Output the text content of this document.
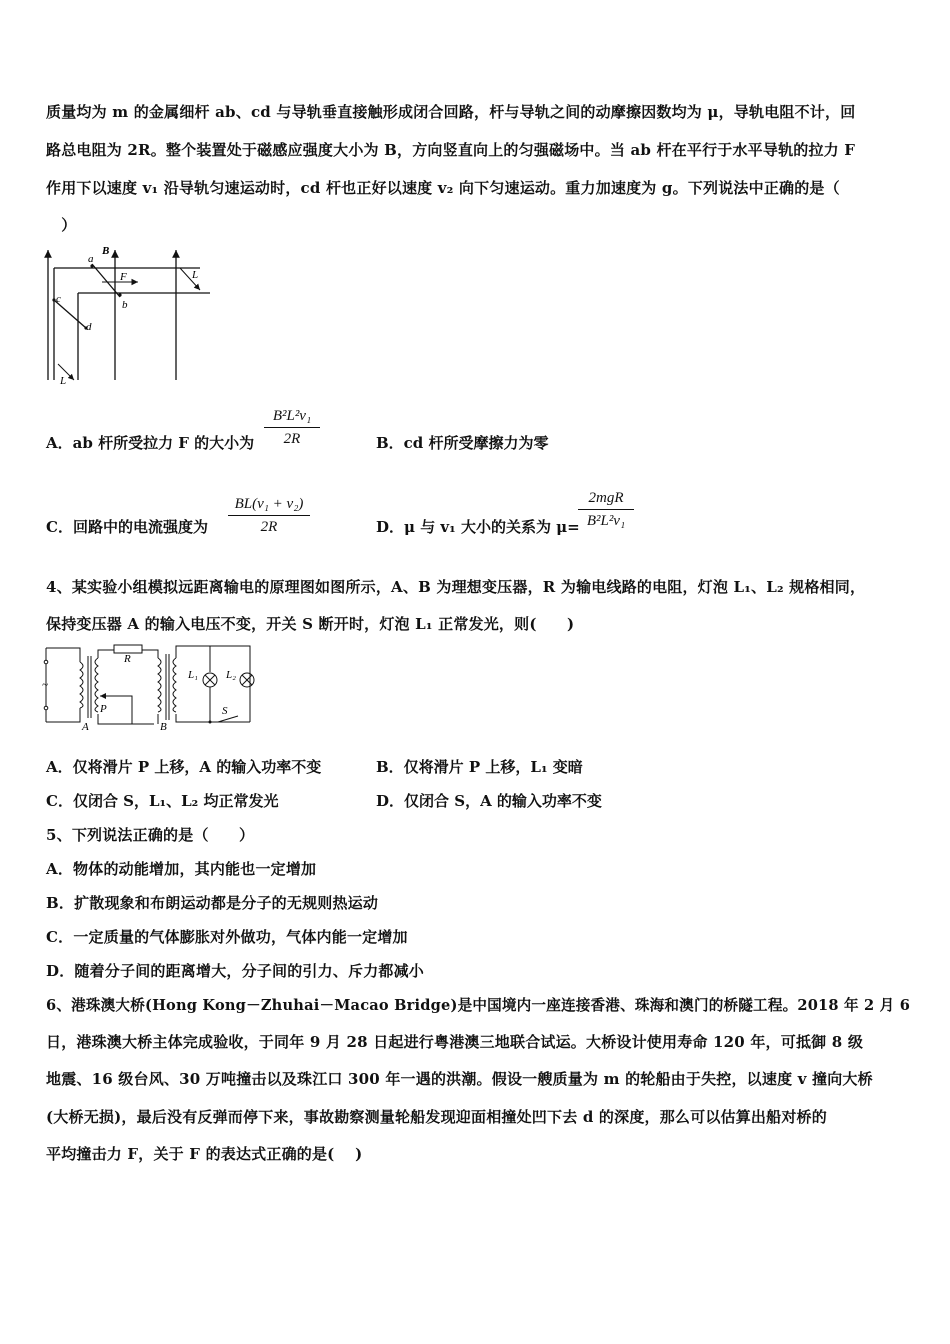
质量均为 m 的金属细杆 ab、cd 与导轨垂直接触形成闭合回路，杆与导轨之间的动摩擦因数均为 μ，导轨电阻不计，回
路总电阻为 2R。整个装置处于磁感应强度大小为 B，方向竖直向上的匀强磁场中。当 ab 杆在平行于水平导轨的拉力 F
作用下以速度 v₁ 沿导轨匀速运动时，cd 杆也正好以速度 v₂ 向下匀速运动。重力加速度为 g。下列说法中正确的是（
　）
a
b
c
d
B
F	L
L
A．ab 杆所受拉力 F 的大小为
B²L²v₁
2R	B．cd 杆所受摩擦力为零
C．回路中的电流强度为
BL(v₁ + v₂)
2R	D．μ 与 v₁ 大小的关系为 μ=
2mgR
B²L²v₁
4、某实验小组模拟远距离输电的原理图如图所示，A、B 为理想变压器，R 为输电线路的电阻，灯泡 L₁、L₂ 规格相同，
保持变压器 A 的输入电压不变，开关 S 断开时，灯泡 L₁ 正常发光，则(　　)
~
R
P
A	B
L₁	L₂
S
A．仅将滑片 P 上移，A 的输入功率不变	B．仅将滑片 P 上移，L₁ 变暗
C．仅闭合 S，L₁、L₂ 均正常发光	D．仅闭合 S，A 的输入功率不变
5、下列说法正确的是（　　）
A．物体的动能增加，其内能也一定增加
B．扩散现象和布朗运动都是分子的无规则热运动
C．一定质量的气体膨胀对外做功，气体内能一定增加
D．随着分子间的距离增大，分子间的引力、斥力都减小
6、港珠澳大桥(Hong Kong－Zhuhai－Macao Bridge)是中国境内一座连接香港、珠海和澳门的桥隧工程。2018 年 2 月 6
日，港珠澳大桥主体完成验收，于同年 9 月 28 日起进行粤港澳三地联合试运。大桥设计使用寿命 120 年，可抵御 8 级
地震、16 级台风、30 万吨撞击以及珠江口 300 年一遇的洪潮。假设一艘质量为 m 的轮船由于失控，以速度 v 撞向大桥
(大桥无损)，最后没有反弹而停下来，事故勘察测量轮船发现迎面相撞处凹下去 d 的深度，那么可以估算出船对桥的
平均撞击力 F，关于 F 的表达式正确的是(　 )
